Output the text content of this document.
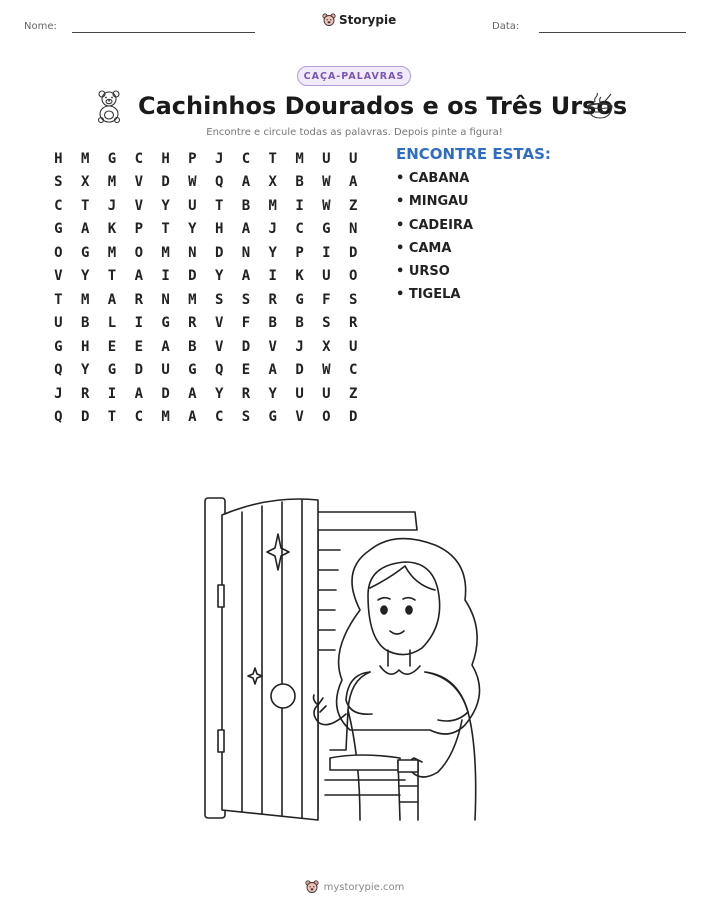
Nome:	Storypie	Data:
CAÇA-PALAVRAS
Cachinhos Dourados e os Três Ursos
Encontre e circule todas as palavras. Depois pinte a figura!
H	M	G	C	H	P	J	C	T	M	U	U
S	X	M	V	D	W	Q	A	X	B	W	A
C	T	J	V	Y	U	T	B	M	I	W	Z
G	A	K	P	T	Y	H	A	J	C	G	N
O	G	M	O	M	N	D	N	Y	P	I	D
V	Y	T	A	I	D	Y	A	I	K	U	O
T	M	A	R	N	M	S	S	R	G	F	S
U	B	L	I	G	R	V	F	B	B	S	R
G	H	E	E	A	B	V	D	V	J	X	U
Q	Y	G	D	U	G	Q	E	A	D	W	C
J	R	I	A	D	A	Y	R	Y	U	U	Z
Q	D	T	C	M	A	C	S	G	V	O	D
ENCONTRE ESTAS:
• CABANA
• MINGAU
• CADEIRA
• CAMA
• URSO
• TIGELA
mystorypie.com
